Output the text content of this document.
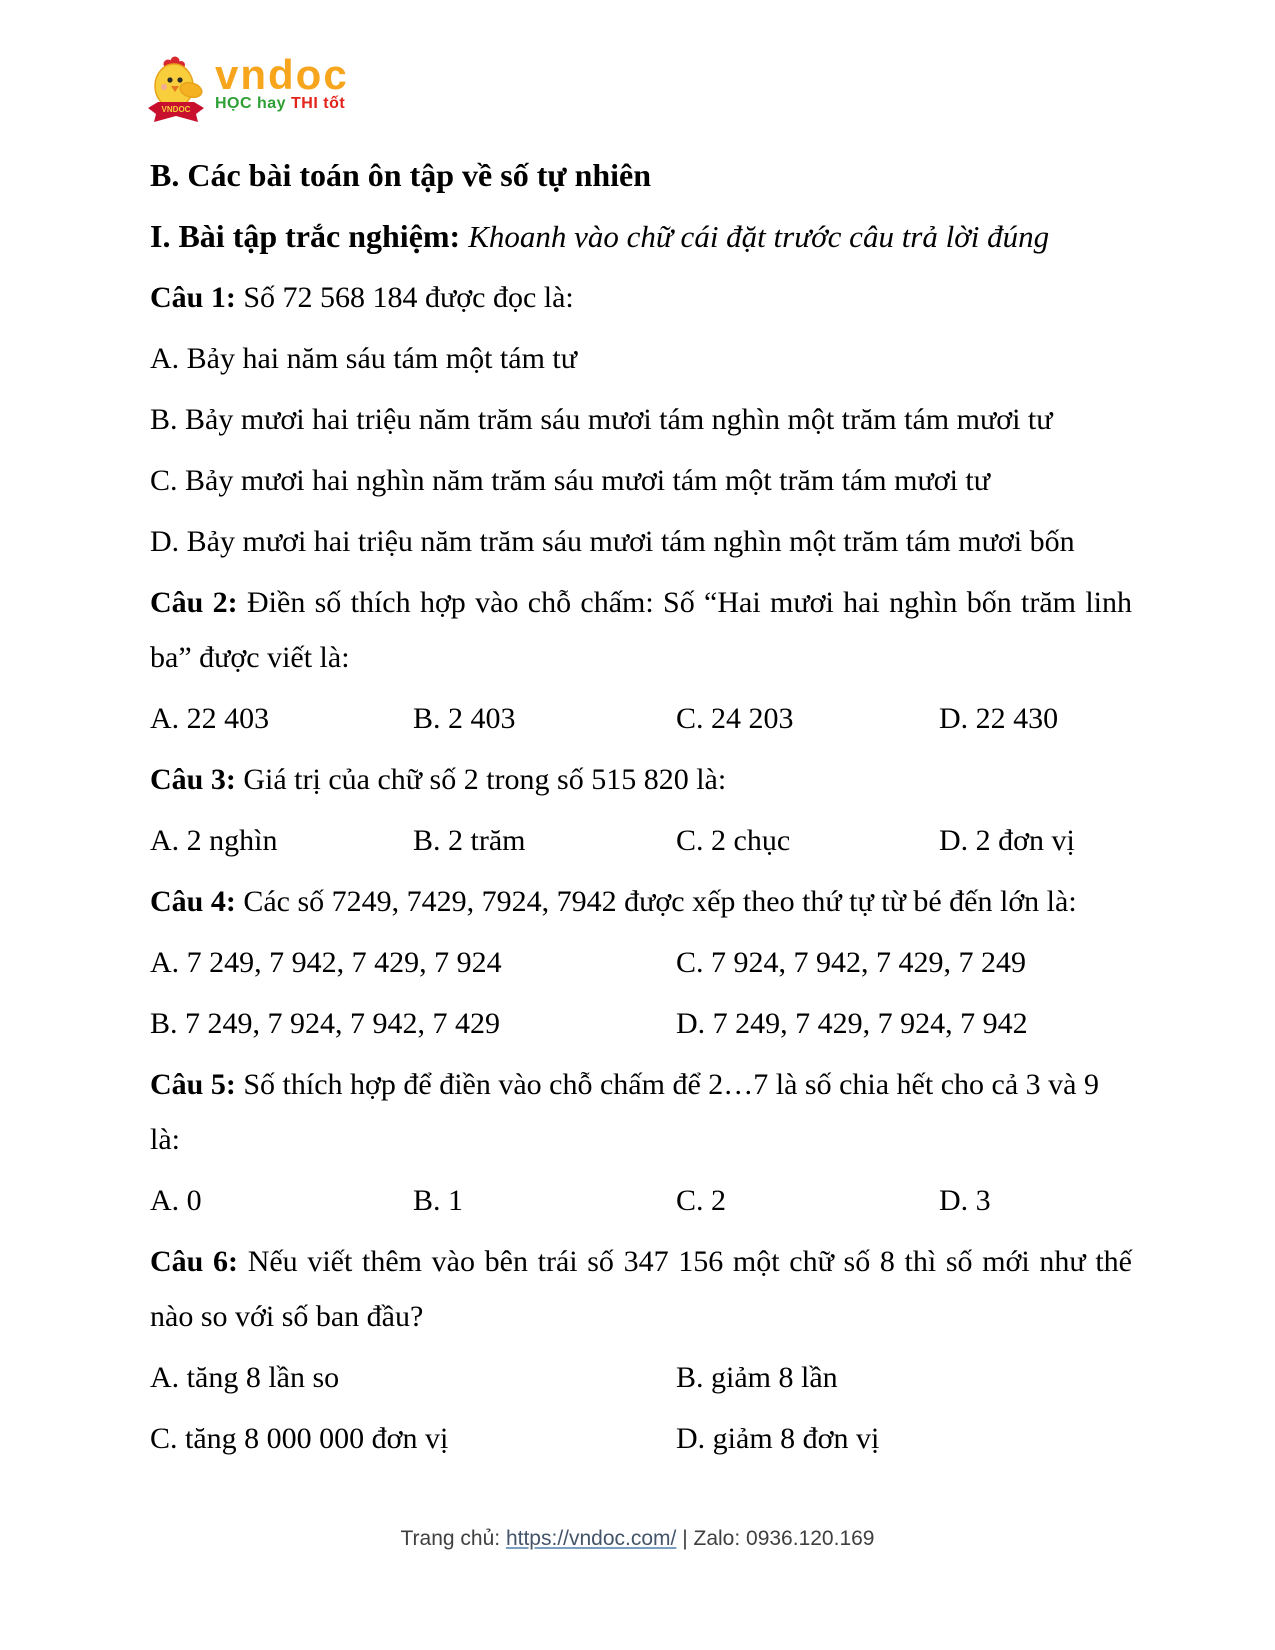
VNDOC
vndoc
HỌC hay THI tốt

B. Các bài toán ôn tập về số tự nhiên

I. Bài tập trắc nghiệm: Khoanh vào chữ cái đặt trước câu trả lời đúng

Câu 1: Số 72 568 184 được đọc là:

A. Bảy hai năm sáu tám một tám tư

B. Bảy mươi hai triệu năm trăm sáu mươi tám nghìn một trăm tám mươi tư

C. Bảy mươi hai nghìn năm trăm sáu mươi tám một trăm tám mươi tư

D. Bảy mươi hai triệu năm trăm sáu mươi tám nghìn một trăm tám mươi bốn

Câu 2: Điền số thích hợp vào chỗ chấm: Số “Hai mươi hai nghìn bốn trăm linh ba” được viết là:

A. 22 403	B. 2 403	C. 24 203	D. 22 430

Câu 3: Giá trị của chữ số 2 trong số 515 820 là:

A. 2 nghìn	B. 2 trăm	C. 2 chục	D. 2 đơn vị

Câu 4: Các số 7249, 7429, 7924, 7942 được xếp theo thứ tự từ bé đến lớn là:

A. 7 249, 7 942, 7 429, 7 924	C. 7 924, 7 942, 7 429, 7 249

B. 7 249, 7 924, 7 942, 7 429	D. 7 249, 7 429, 7 924, 7 942

Câu 5: Số thích hợp để điền vào chỗ chấm để 2…7 là số chia hết cho cả 3 và 9 là:

A. 0	B. 1	C. 2	D. 3

Câu 6: Nếu viết thêm vào bên trái số 347 156 một chữ số 8 thì số mới như thế nào so với số ban đầu?

A. tăng 8 lần so	B. giảm 8 lần

C. tăng 8 000 000 đơn vị	D. giảm 8 đơn vị

Trang chủ: https://vndoc.com/ | Zalo: 0936.120.169
